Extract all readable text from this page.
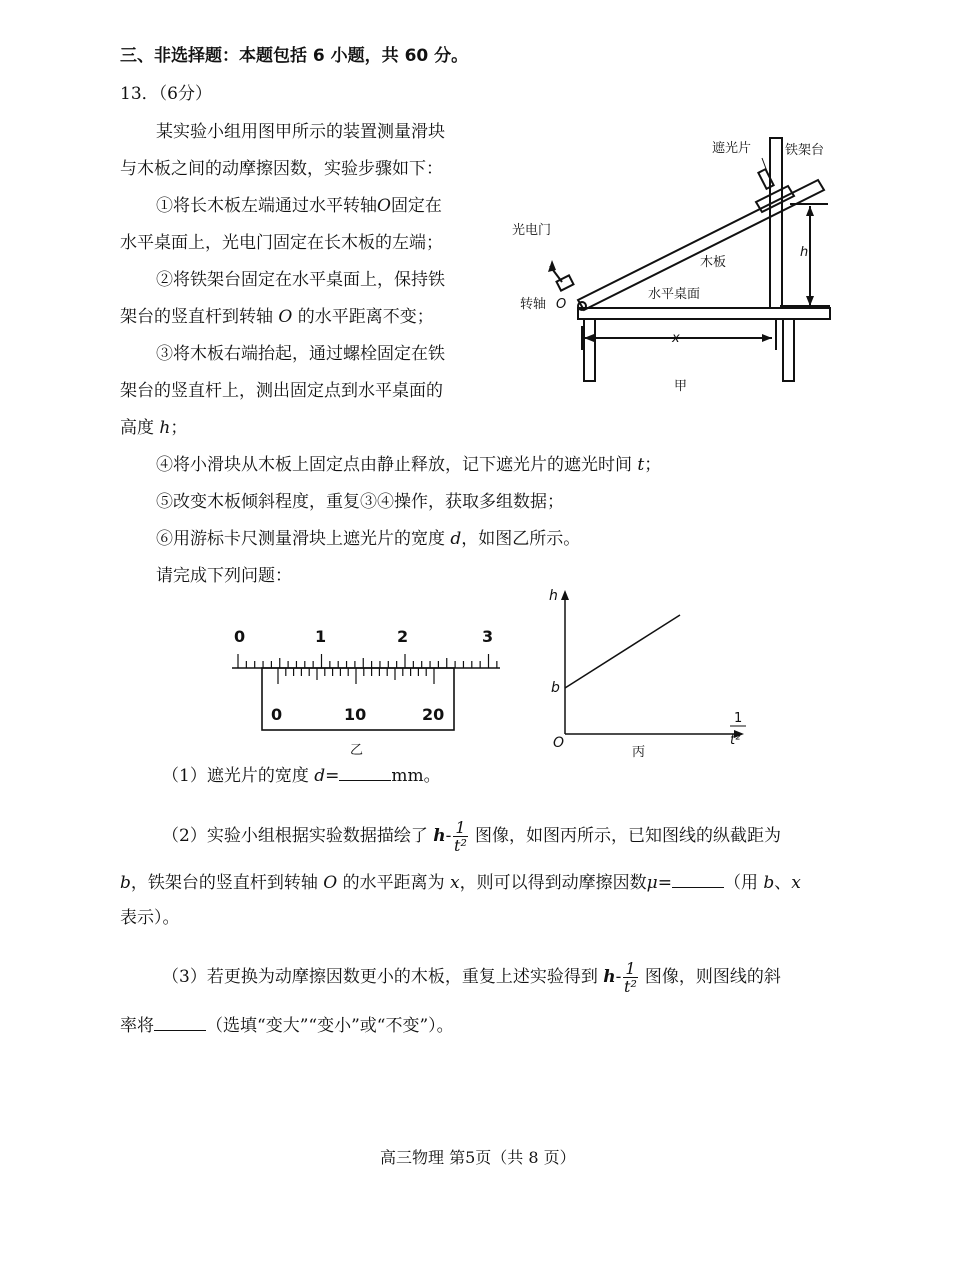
三、非选择题：本题包括 6 小题，共 60 分。
13．（6分）
某实验小组用图甲所示的装置测量滑块
与木板之间的动摩擦因数，实验步骤如下：
①将长木板左端通过水平转轴O固定在
水平桌面上，光电门固定在长木板的左端；
②将铁架台固定在水平桌面上，保持铁
架台的竖直杆到转轴 O 的水平距离不变；
③将木板右端抬起，通过螺栓固定在铁
架台的竖直杆上，测出固定点到水平桌面的
高度 h；
④将小滑块从木板上固定点由静止释放，记下遮光片的遮光时间 t；
⑤改变木板倾斜程度，重复③④操作，获取多组数据；
⑥用游标卡尺测量滑块上遮光片的宽度 d，如图乙所示。
请完成下列问题：
遮光片	铁架台
光电门
木板
水平桌面
转轴 O
h
x
甲
0	1	2	3
0	10	20
乙
h
O
b
1
t²
丙
（1）遮光片的宽度 d=	mm。
（2）实验小组根据实验数据描绘了 $h- \frac{1}{\text{t²}}$ 图像，如图丙所示，已知图线的纵截距为
b，铁架台的竖直杆到转轴 O 的水平距离为 x，则可以得到动摩擦因数μ=	（用 b、x
表示）。
（3）若更换为动摩擦因数更小的木板，重复上述实验得到 $h- \frac{1}{\text{t²}}$ 图像，则图线的斜
率将	（选填“变大”“变小”或“不变”）。
高三物理 第5页（共 8 页）
